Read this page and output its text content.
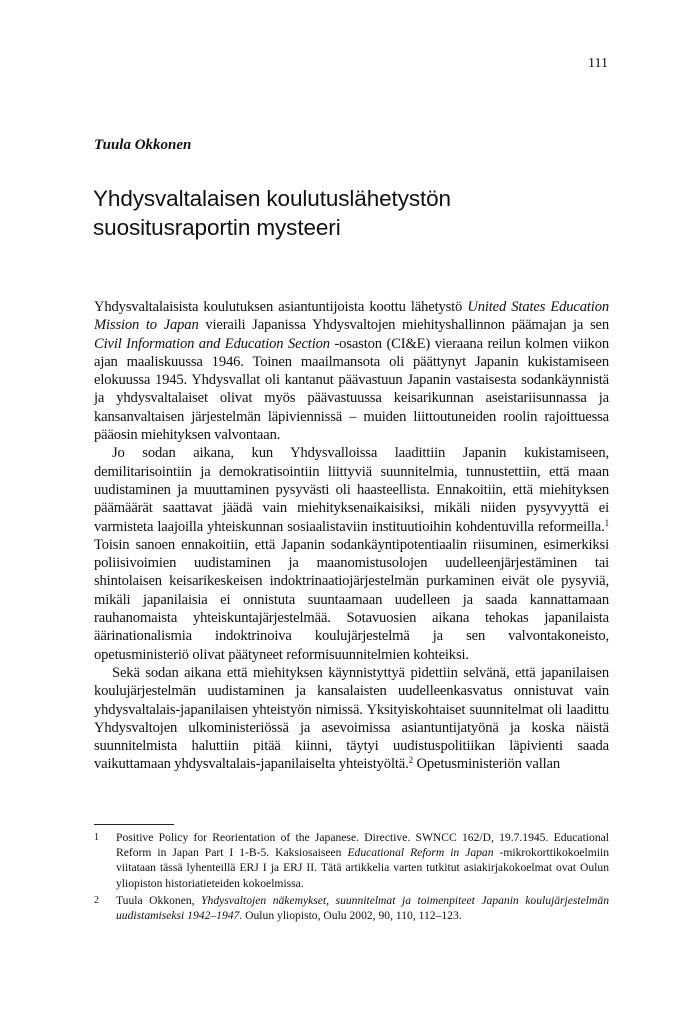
111
Tuula Okkonen
Yhdysvaltalaisen koulutuslähetystön
suositusraportin mysteeri

Yhdysvaltalaisista koulutuksen asiantuntijoista koottu lähetystö United States Education Mission to Japan vieraili Japanissa Yhdysvaltojen miehityshallinnon päämajan ja sen Civil Information and Education Section -osaston (CI&E) vieraana reilun kolmen viikon ajan maaliskuussa 1946. Toinen maailmansota oli päättynyt Japanin kukistamiseen elokuussa 1945. Yhdysvallat oli kantanut päävastuun Japanin vastaisesta sodankäynnistä ja yhdysvaltalaiset olivat myös päävastuussa keisarikunnan aseistariisunnassa ja kansanvaltaisen järjestelmän läpiviennissä – muiden liittoutuneiden roolin rajoittuessa pääosin miehityksen valvontaan.

Jo sodan aikana, kun Yhdysvalloissa laadittiin Japanin kukistamiseen, demilitarisointiin ja demokratisointiin liittyviä suunnitelmia, tunnustettiin, että maan uudistaminen ja muuttaminen pysyvästi oli haasteellista. Ennakoitiin, että miehityksen päämäärät saattavat jäädä vain miehityksenaikaisiksi, mikäli niiden pysyvyyttä ei varmisteta laajoilla yhteiskunnan sosiaalistaviin instituutioihin kohdentuvilla reformeilla.$^1$ Toisin sanoen ennakoitiin, että Japanin sodankäyntipotentiaalin riisuminen, esimerkiksi poliisivoimien uudistaminen ja maanomistusolojen uudelleenjärjestäminen tai shintolaisen keisarikeskeisen indoktrinaatiojärjestelmän purkaminen eivät ole pysyviä, mikäli japanilaisia ei onnistuta suuntaamaan uudelleen ja saada kannattamaan rauhanomaista yhteiskuntajärjestelmää. Sotavuosien aikana tehokas japanilaista äärinationalismia indoktrinoiva koulujärjestelmä ja sen valvontakoneisto, opetusministeriö olivat päätyneet reformisuunnitelmien kohteiksi.

Sekä sodan aikana että miehityksen käynnistyttyä pidettiin selvänä, että japanilaisen koulujärjestelmän uudistaminen ja kansalaisten uudelleenkasvatus onnistuvat vain yhdysvaltalais-japanilaisen yhteistyön nimissä. Yksityiskohtaiset suunnitelmat oli laadittu Yhdysvaltojen ulkoministeriössä ja asevoimissa asiantuntijatyönä ja koska näistä suunnitelmista haluttiin pitää kiinni, täytyi uudistuspolitiikan läpivienti saada vaikuttamaan yhdysvaltalais-japanilaiselta yhteistyöltä.$^2$ Opetusministeriön vallan

1	Positive Policy for Reorientation of the Japanese. Directive. SWNCC 162/D, 19.7.1945. Educational Reform in Japan Part I 1-B-5. Kaksiosaiseen Educational Reform in Japan -mikrokorttikokoelmiin viitataan tässä lyhenteillä ERJ I ja ERJ II. Tätä artikkelia varten tutkitut asiakirjakokoelmat ovat Oulun yliopiston historiatieteiden kokoelmissa.
2	Tuula Okkonen, Yhdysvaltojen näkemykset, suunnitelmat ja toimenpiteet Japanin koulujärjestelmän uudistamiseksi 1942–1947. Oulun yliopisto, Oulu 2002, 90, 110, 112–123.
